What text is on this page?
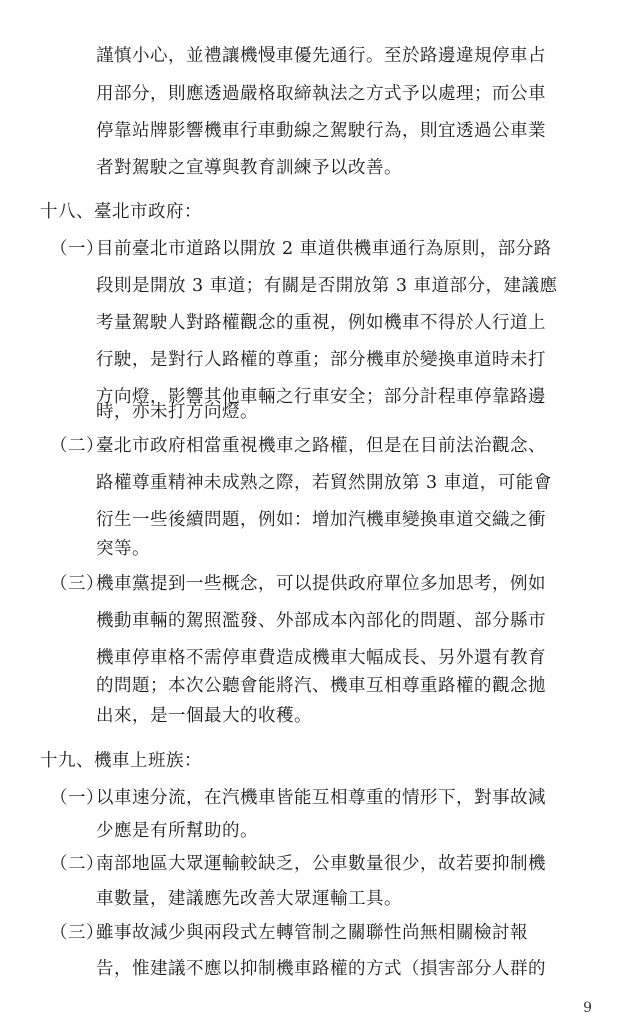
謹慎小心，並禮讓機慢車優先通行。至於路邊違規停車占
用部分，則應透過嚴格取締執法之方式予以處理；而公車
停靠站牌影響機車行車動線之駕駛行為，則宜透過公車業
者對駕駛之宣導與教育訓練予以改善。
十八、臺北市政府：
（一）
目前臺北市道路以開放 2 車道供機車通行為原則，部分路
段則是開放 3 車道；有關是否開放第 3 車道部分，建議應
考量駕駛人對路權觀念的重視，例如機車不得於人行道上
行駛，是對行人路權的尊重；部分機車於變換車道時未打
方向燈，影響其他車輛之行車安全；部分計程車停靠路邊
時，亦未打方向燈。
（二）
臺北市政府相當重視機車之路權，但是在目前法治觀念、
路權尊重精神未成熟之際，若貿然開放第 3 車道，可能會
衍生一些後續問題，例如：增加汽機車變換車道交織之衝
突等。
（三）
機車黨提到一些概念，可以提供政府單位多加思考，例如
機動車輛的駕照濫發、外部成本內部化的問題、部分縣市
機車停車格不需停車費造成機車大幅成長、另外還有教育
的問題；本次公聽會能將汽、機車互相尊重路權的觀念拋
出來，是一個最大的收穫。
十九、機車上班族：
（一）
以車速分流，在汽機車皆能互相尊重的情形下，對事故減
少應是有所幫助的。
（二）
南部地區大眾運輸較缺乏，公車數量很少，故若要抑制機
車數量，建議應先改善大眾運輸工具。
（三）
雖事故減少與兩段式左轉管制之關聯性尚無相關檢討報
告，惟建議不應以抑制機車路權的方式（損害部分人群的
9
